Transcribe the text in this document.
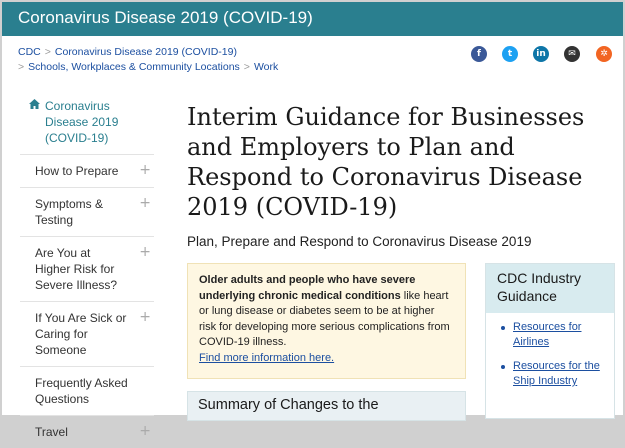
Coronavirus Disease 2019 (COVID-19)
CDC > Coronavirus Disease 2019 (COVID-19)
> Schools, Workplaces & Community Locations > Work
f	t	in	✉	✲
Coronavirus Disease 2019 (COVID-19)
How to Prepare +
Symptoms & Testing
+
Are You at Higher Risk for Severe Illness?
+
If You Are Sick or Caring for Someone
+
Frequently Asked Questions
Travel	+
Interim Guidance for Businesses and Employers to Plan and Respond to Coronavirus Disease 2019 (COVID-19)
Plan, Prepare and Respond to Coronavirus Disease 2019
Older adults and people who have severe underlying chronic medical conditions like heart or lung disease or diabetes seem to be at higher risk for developing more serious complications from COVID-19 illness.
Find more information here.
CDC Industry Guidance
Resources for Airlines
Resources for the Ship Industry
Summary of Changes to the
